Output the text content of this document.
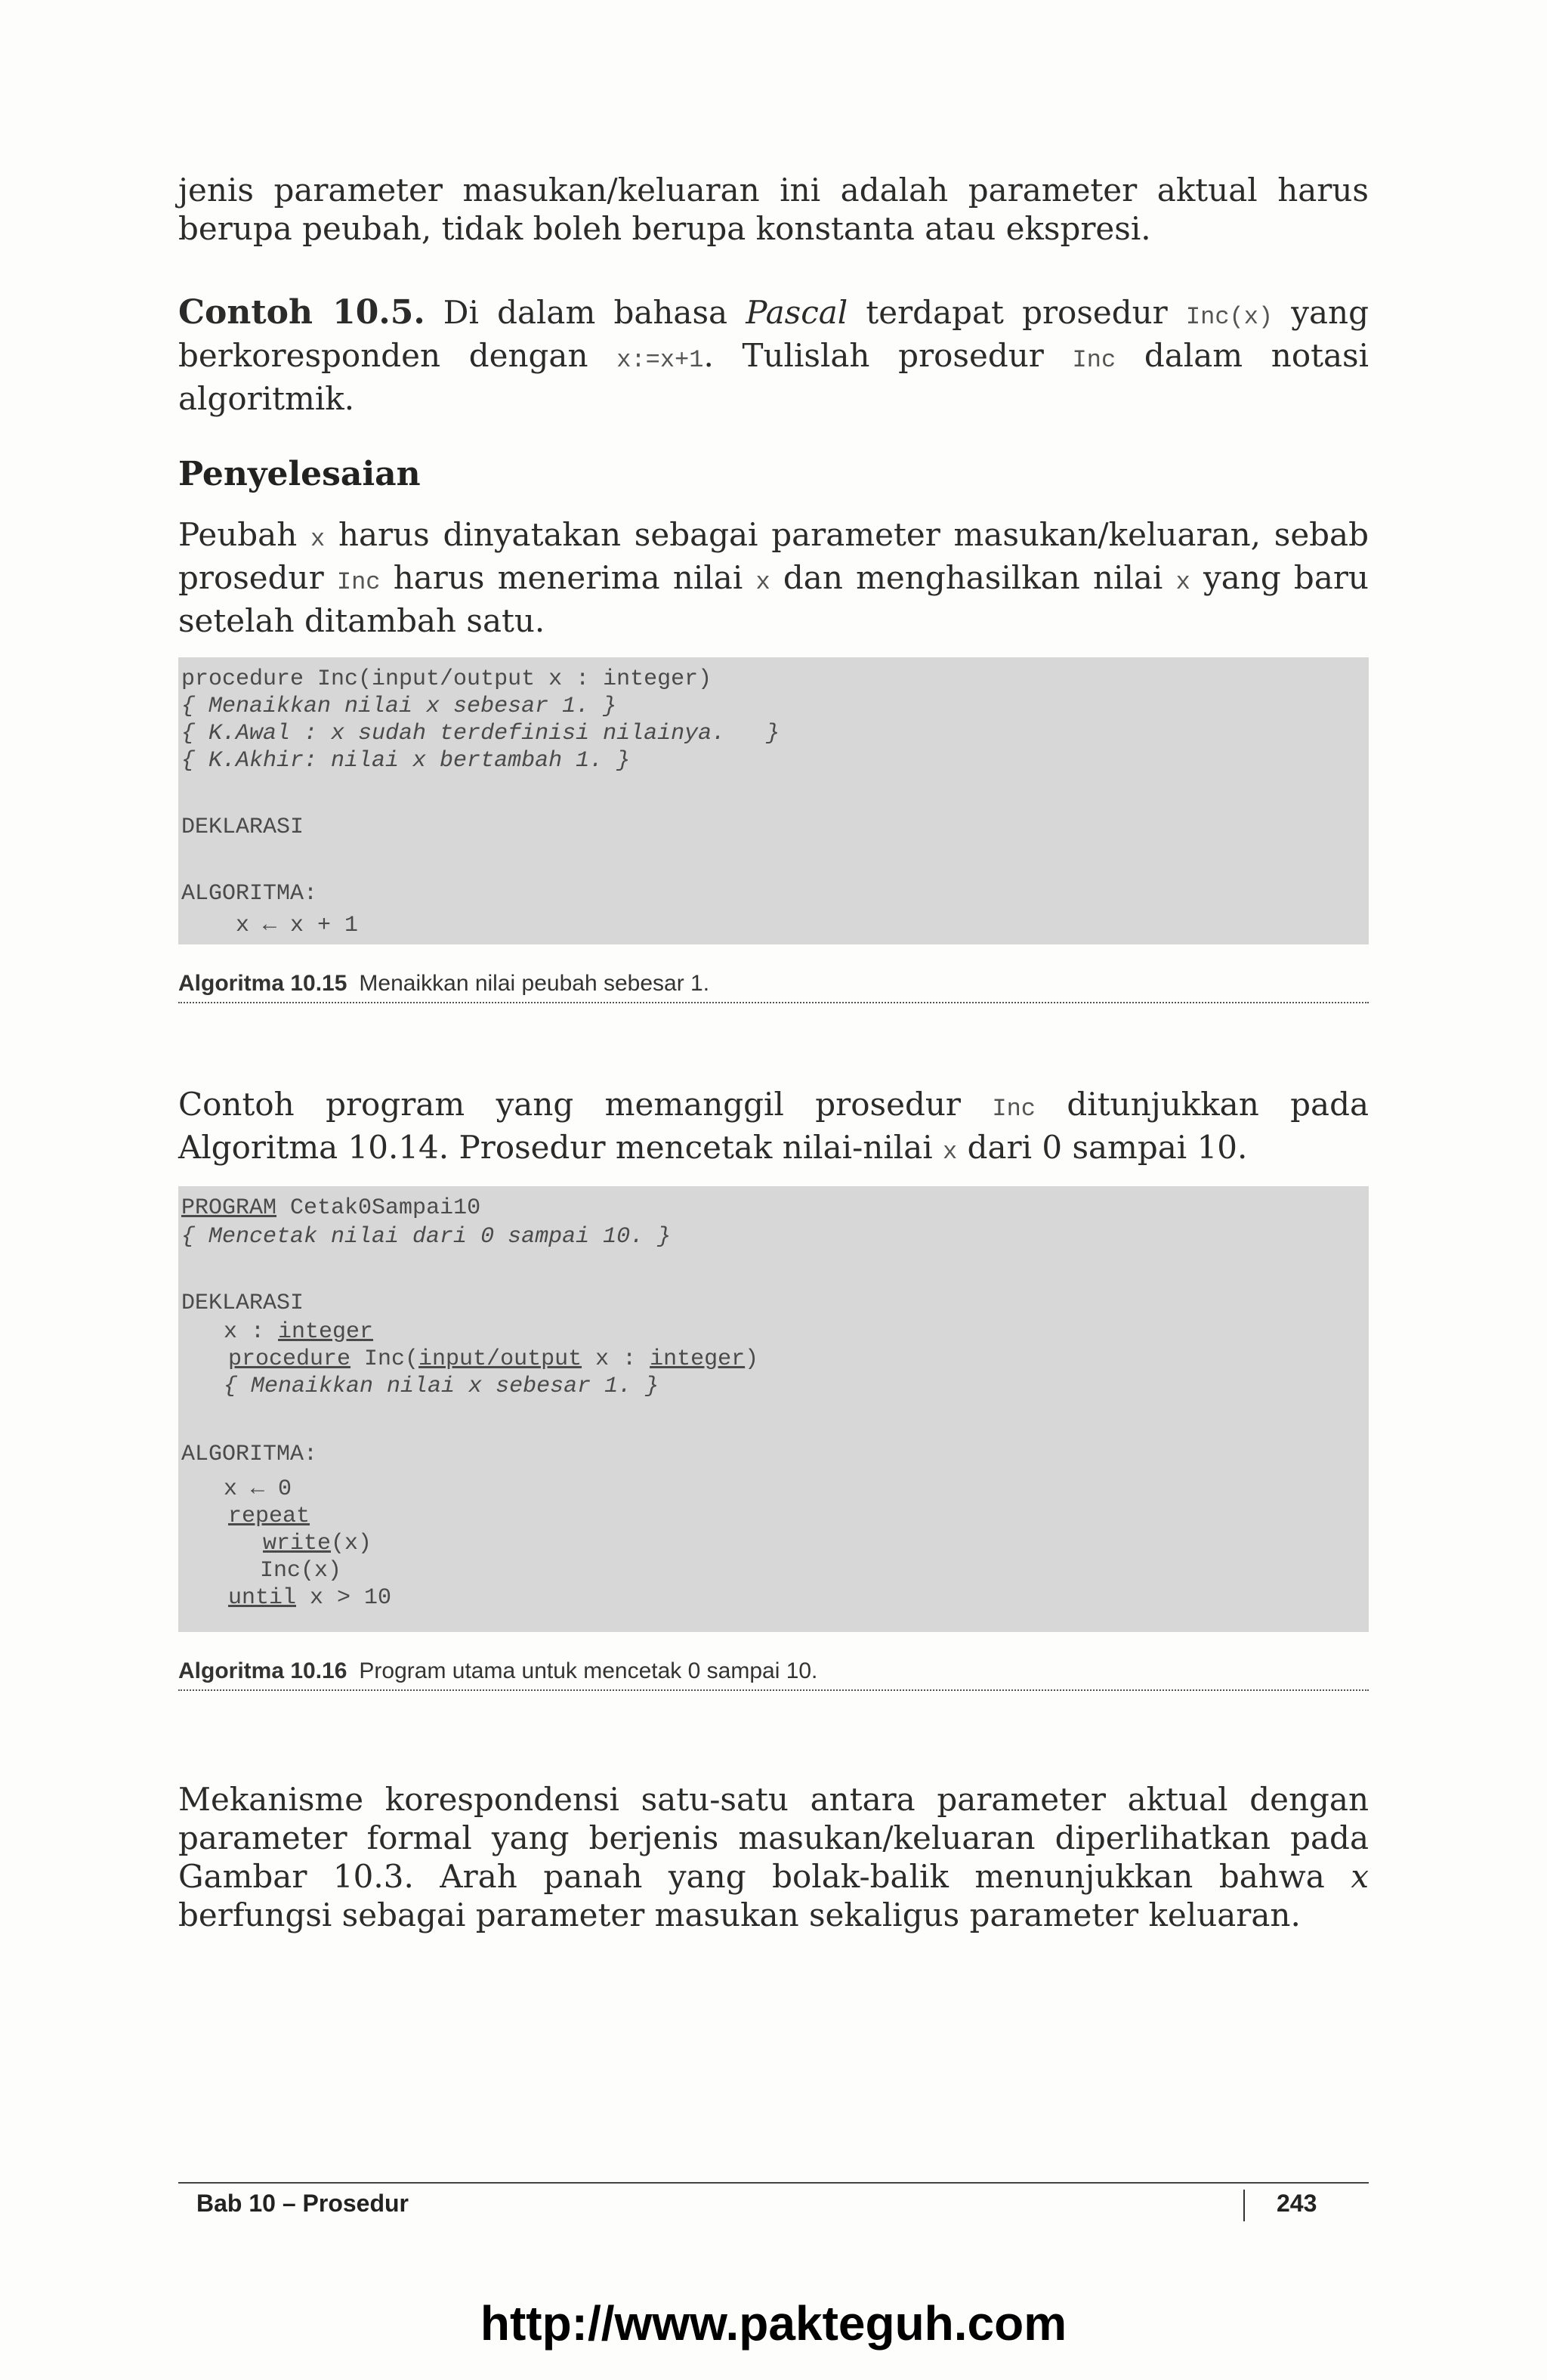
jenis parameter masukan/keluaran ini adalah parameter aktual harus berupa peubah, tidak boleh berupa konstanta atau ekspresi.

Contoh 10.5. Di dalam bahasa Pascal terdapat prosedur Inc(x) yang berkoresponden dengan x:=x+1. Tulislah prosedur Inc dalam notasi algoritmik.

Penyelesaian

Peubah x harus dinyatakan sebagai parameter masukan/keluaran, sebab prosedur Inc harus menerima nilai x dan menghasilkan nilai x yang baru setelah ditambah satu.

procedure Inc(input/output x : integer)
{ Menaikkan nilai x sebesar 1. }
{ K.Awal : x sudah terdefinisi nilainya.   }
{ K.Akhir: nilai x bertambah 1. }
DEKLARASI
ALGORITMA:
x ← x + 1
Algoritma 10.15 Menaikkan nilai peubah sebesar 1.

Contoh program yang memanggil prosedur Inc ditunjukkan pada Algoritma 10.14. Prosedur mencetak nilai-nilai x dari 0 sampai 10.

PROGRAM Cetak0Sampai10
{ Mencetak nilai dari 0 sampai 10. }
DEKLARASI
x : integer
procedure Inc(input/output x : integer)
{ Menaikkan nilai x sebesar 1. }
ALGORITMA:
x ← 0
repeat
write(x)
Inc(x)
until x > 10
Algoritma 10.16 Program utama untuk mencetak 0 sampai 10.

Mekanisme korespondensi satu-satu antara parameter aktual dengan parameter formal yang berjenis masukan/keluaran diperlihatkan pada Gambar 10.3. Arah panah yang bolak-balik menunjukkan bahwa x berfungsi sebagai parameter masukan sekaligus parameter keluaran.

Bab 10 – Prosedur	243
http://www.pakteguh.com
